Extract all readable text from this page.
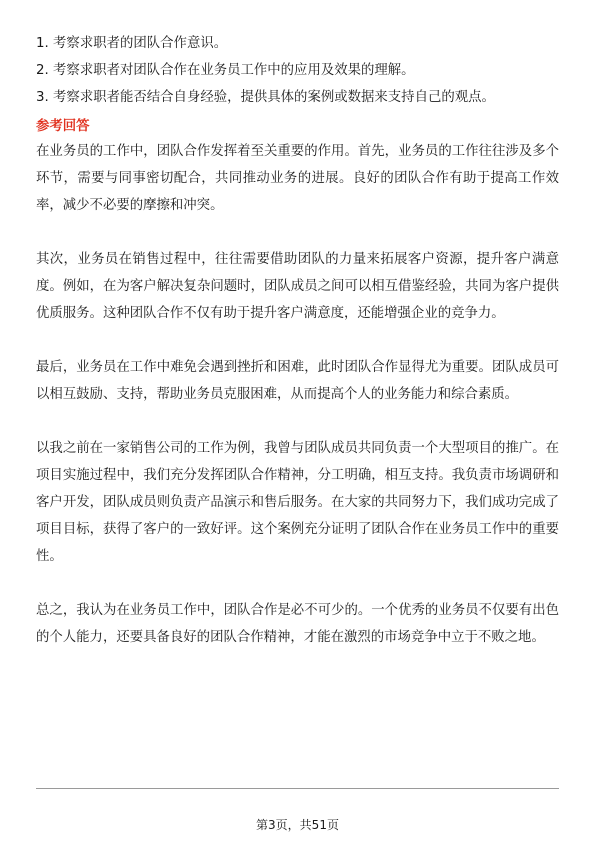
1. 考察求职者的团队合作意识。
2. 考察求职者对团队合作在业务员工作中的应用及效果的理解。
3. 考察求职者能否结合自身经验，提供具体的案例或数据来支持自己的观点。
参考回答

在业务员的工作中，团队合作发挥着至关重要的作用。首先，业务员的工作往往涉及多个环节，需要与同事密切配合，共同推动业务的进展。良好的团队合作有助于提高工作效率，减少不必要的摩擦和冲突。

其次，业务员在销售过程中，往往需要借助团队的力量来拓展客户资源，提升客户满意度。例如，在为客户解决复杂问题时，团队成员之间可以相互借鉴经验，共同为客户提供优质服务。这种团队合作不仅有助于提升客户满意度，还能增强企业的竞争力。

最后，业务员在工作中难免会遇到挫折和困难，此时团队合作显得尤为重要。团队成员可以相互鼓励、支持，帮助业务员克服困难，从而提高个人的业务能力和综合素质。

以我之前在一家销售公司的工作为例，我曾与团队成员共同负责一个大型项目的推广。在项目实施过程中，我们充分发挥团队合作精神，分工明确，相互支持。我负责市场调研和客户开发，团队成员则负责产品演示和售后服务。在大家的共同努力下，我们成功完成了项目目标，获得了客户的一致好评。这个案例充分证明了团队合作在业务员工作中的重要性。

总之，我认为在业务员工作中，团队合作是必不可少的。一个优秀的业务员不仅要有出色的个人能力，还要具备良好的团队合作精神，才能在激烈的市场竞争中立于不败之地。

第3页，共51页
